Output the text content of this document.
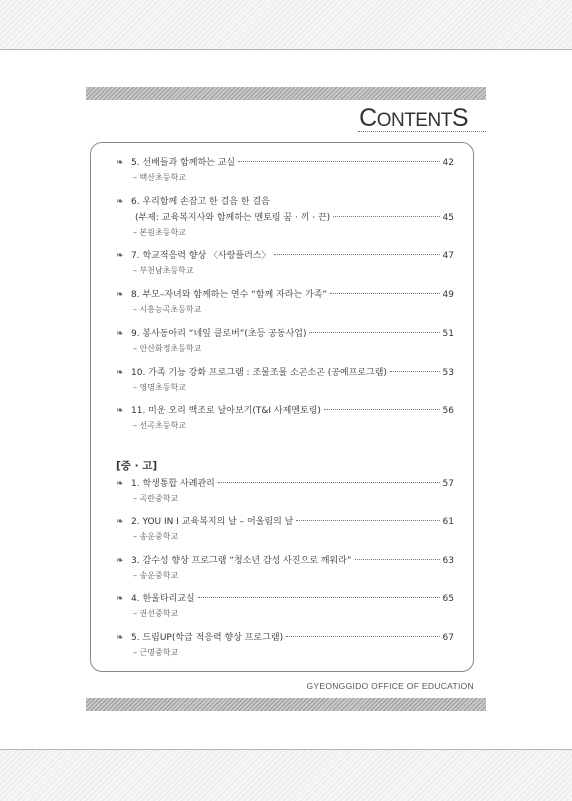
CONTENTS
❧	5. 선배들과 함께하는 교실	42
– 백산초등학교
❧	6. 우리함께 손잡고 한 걸음 한 걸음
(부제: 교육복지사와 함께하는 멘토링 꿈 · 끼 · 끈)	45
– 본원초등학교
❧	7. 학교적응력 향상 〈사랑플러스〉	47
– 부천남초등학교
❧	8. 부모–자녀와 함께하는 연수 “함께 자라는 가족”	49
– 시흥능곡초등학교
❧	9. 봉사동아리 “네잎 클로버”(초등 공동사업)	51
– 안산화정초등학교
❧	10. 가족 기능 강화 프로그램 : 조물조물 소곤소곤 (공예프로그램)	53
– 영명초등학교
❧	11. 미운 오리 백조로 날아보기(T&I 사제멘토링)	56
– 선곡초등학교
[중 · 고]
❧	1. 학생통합 사례관리	57
– 곡란중학교
❧	2. YOU IN I 교육복지의 날 – 어울림의 날	61
– 송운중학교
❧	3. 감수성 향상 프로그램 “청소년 감성 사진으로 깨워라”	63
– 송운중학교
❧	4. 한울타리교실	65
– 권선중학교
❧	5. 드림UP(학급 적응력 향상 프로그램)	67
– 근명중학교
GYEONGGIDO OFFICE OF EDUCATION
